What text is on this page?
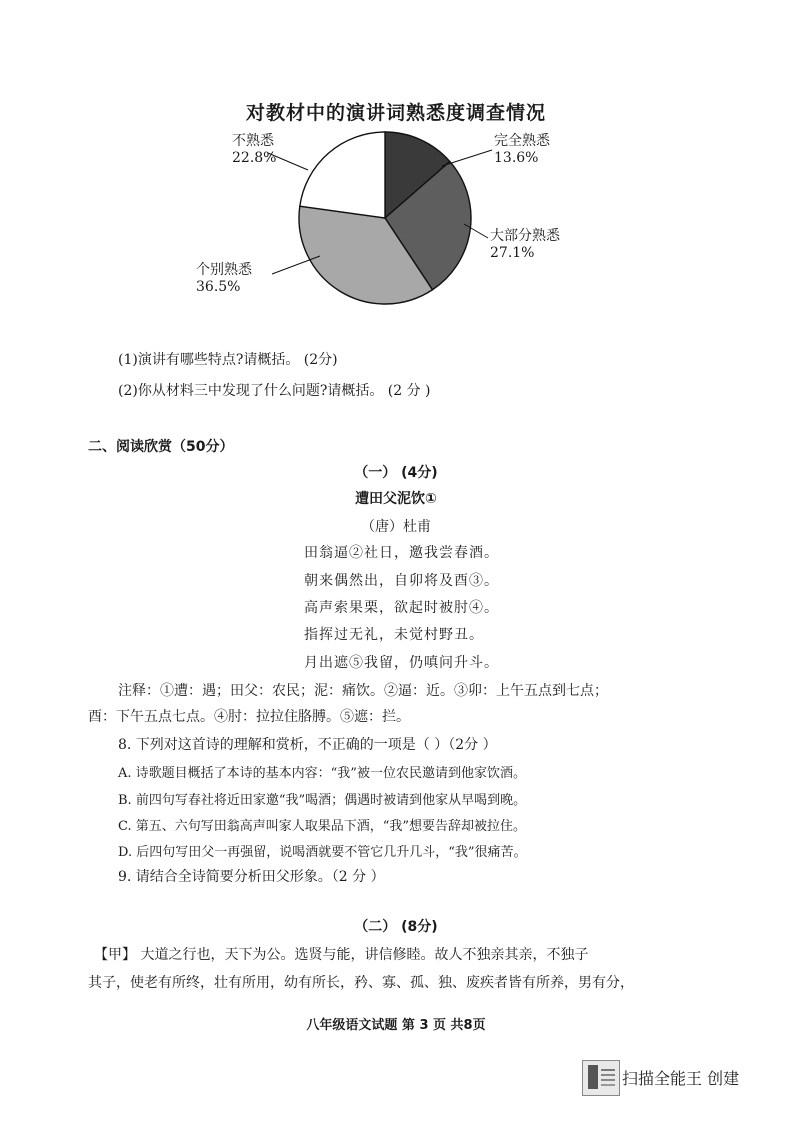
对教材中的演讲词熟悉度调查情况
不熟悉
22.8%
完全熟悉
13.6%
大部分熟悉
27.1%
个别熟悉
36.5%
(1)演讲有哪些特点?请概括。 (2分)
(2)你从材料三中发现了什么问题?请概括。 (2 分 )
二、阅读欣赏（50分）
（一） (4分)
遭田父泥饮①
（唐）杜甫
田翁逼②社日，邀我尝春酒。
朝来偶然出，自卯将及酉③。
高声索果栗，欲起时被肘④。
指挥过无礼，未觉村野丑。
月出遮⑤我留，仍嗔问升斗。
注释：①遭：遇；田父：农民；泥：痛饮。②逼：近。③卯：上午五点到七点；
酉：下午五点七点。④肘：拉拉住胳膊。⑤遮：拦。
8. 下列对这首诗的理解和赏析，不正确的一项是（ ）（2分 ）
A. 诗歌题目概括了本诗的基本内容：“我”被一位农民邀请到他家饮酒。
B. 前四句写春社将近田家邀“我”喝酒；偶遇时被请到他家从早喝到晚。
C. 第五、六句写田翁高声叫家人取果品下酒，“我”想要告辞却被拉住。
D. 后四句写田父一再强留，说喝酒就要不管它几升几斗，“我”很痛苦。
9. 请结合全诗简要分析田父形象。（2 分 ）
（二） (8分)
【甲】 大道之行也，天下为公。选贤与能，讲信修睦。故人不独亲其亲，不独子
其子，使老有所终，壮有所用，幼有所长，矜、寡、孤、独、废疾者皆有所养，男有分，
八年级语文试题 第 3 页 共8页
扫描全能王 创建
